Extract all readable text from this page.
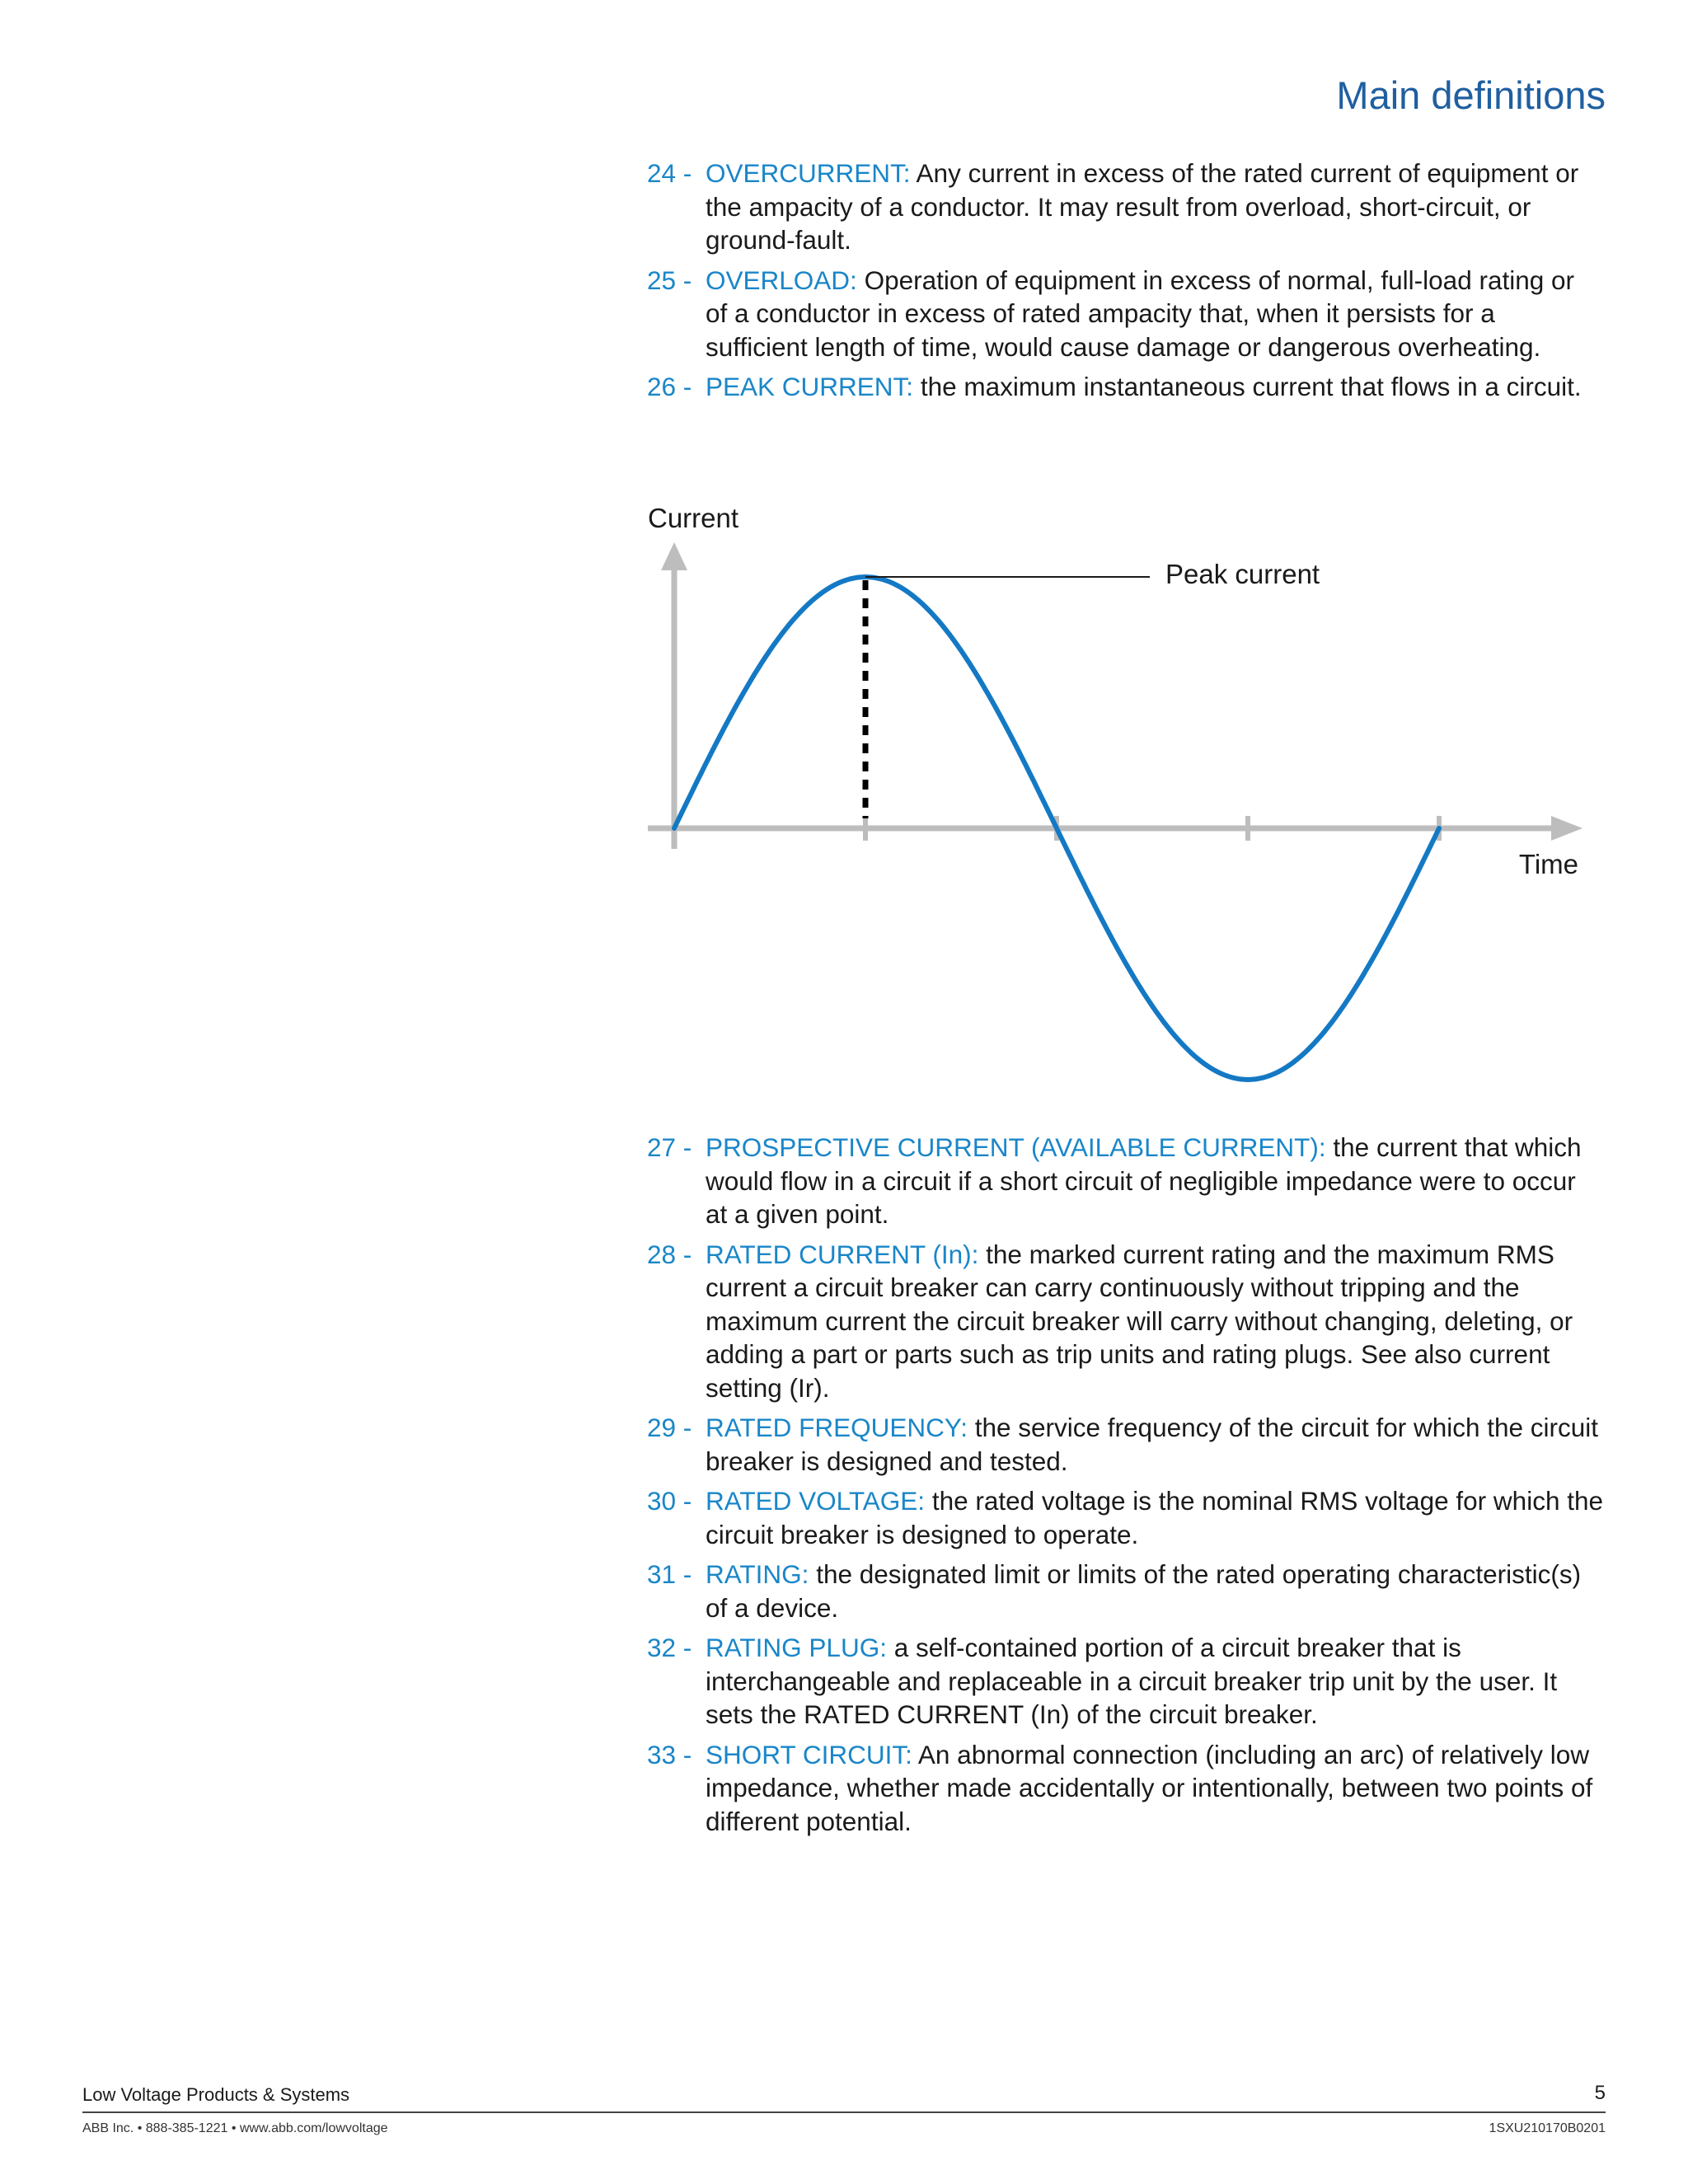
Main definitions
24 - OVERCURRENT: Any current in excess of the rated current of equipment or the ampacity of a conductor. It may result from overload, short-circuit, or ground-fault.
25 - OVERLOAD: Operation of equipment in excess of normal, full-load rating or of a conductor in excess of rated ampacity that, when it persists for a sufficient length of time, would cause damage or dangerous overheating.
26 - PEAK CURRENT: the maximum instantaneous current that flows in a circuit.
Current
Time
Peak current
27 - PROSPECTIVE CURRENT (AVAILABLE CURRENT): the current that which would flow in a circuit if a short circuit of negligible impedance were to occur at a given point.
28 - RATED CURRENT (In): the marked current rating and the maximum RMS current a circuit breaker can carry continuously without tripping and the maximum current the circuit breaker will carry without changing, deleting, or adding a part or parts such as trip units and rating plugs. See also current setting (Ir).
29 - RATED FREQUENCY: the service frequency of the circuit for which the circuit breaker is designed and tested.
30 - RATED VOLTAGE: the rated voltage is the nominal RMS voltage for which the circuit breaker is designed to operate.
31 - RATING: the designated limit or limits of the rated operating characteristic(s) of a device.
32 - RATING PLUG: a self-contained portion of a circuit breaker that is interchangeable and replaceable in a circuit breaker trip unit by the user. It sets the RATED CURRENT (In) of the circuit breaker.
33 - SHORT CIRCUIT: An abnormal connection (including an arc) of relatively low impedance, whether made accidentally or intentionally, between two points of different potential.
Low Voltage Products & Systems	5
ABB Inc. • 888-385-1221 • www.abb.com/lowvoltage	1SXU210170B0201
